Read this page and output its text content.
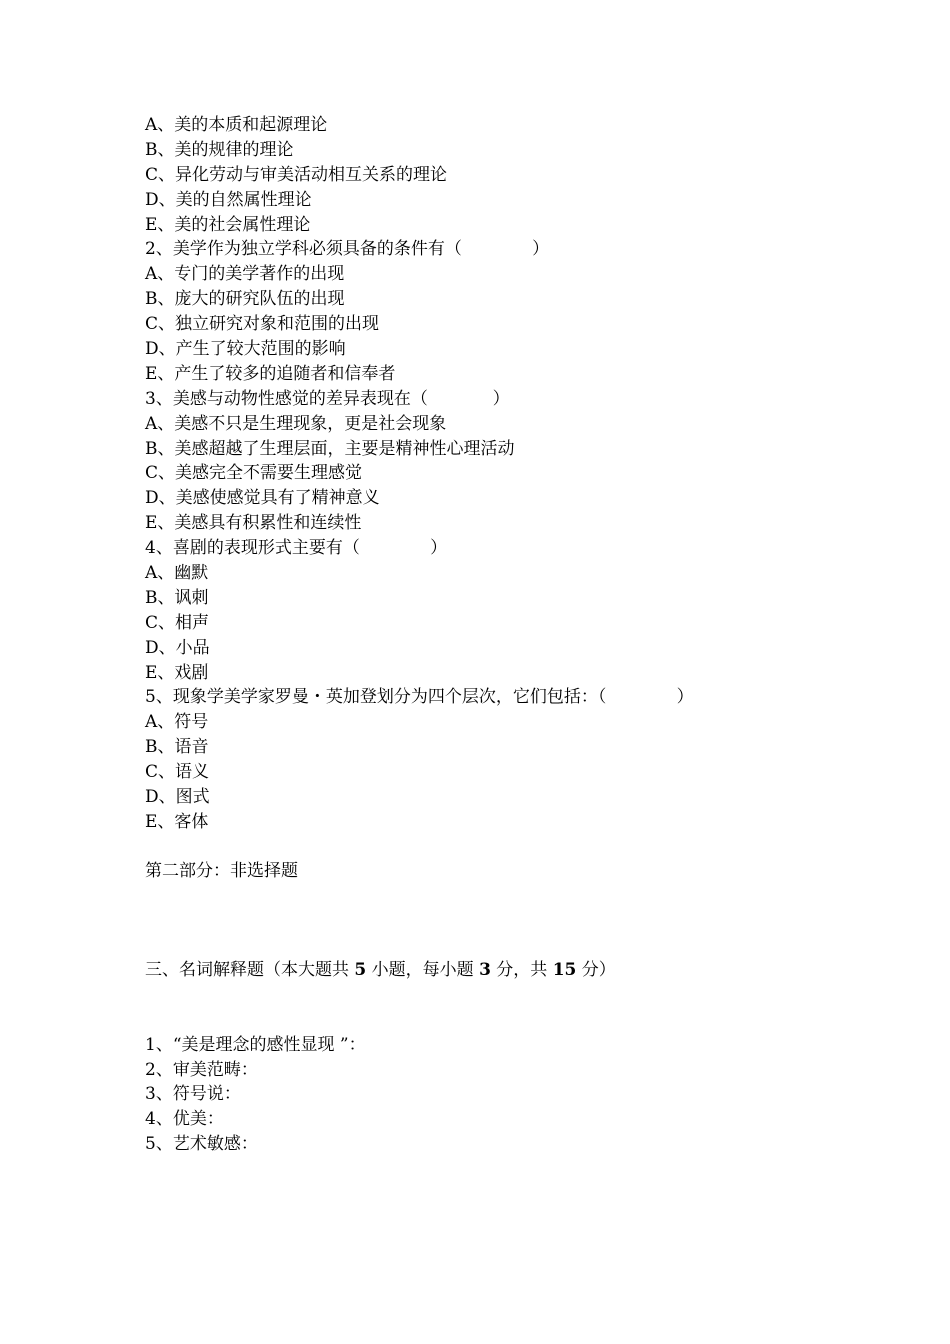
A、美的本质和起源理论
B、美的规律的理论
C、异化劳动与审美活动相互关系的理论
D、美的自然属性理论
E、美的社会属性理论
2、美学作为独立学科必须具备的条件有（             ）
A、专门的美学著作的出现
B、庞大的研究队伍的出现
C、独立研究对象和范围的出现
D、产生了较大范围的影响
E、产生了较多的追随者和信奉者
3、美感与动物性感觉的差异表现在（            ）
A、美感不只是生理现象，更是社会现象
B、美感超越了生理层面，主要是精神性心理活动
C、美感完全不需要生理感觉
D、美感使感觉具有了精神意义
E、美感具有积累性和连续性
4、喜剧的表现形式主要有（             ）
A、幽默
B、讽刺
C、相声
D、小品
E、戏剧
5、现象学美学家罗曼・英加登划分为四个层次，它们包括：（             ）
A、符号
B、语音
C、语义
D、图式
E、客体
第二部分：非选择题
三、名词解释题（本大题共 5 小题，每小题 3 分，共 15 分）
1、“美是理念的感性显现 ”：
2、审美范畴：
3、符号说：
4、优美：
5、艺术敏感：
